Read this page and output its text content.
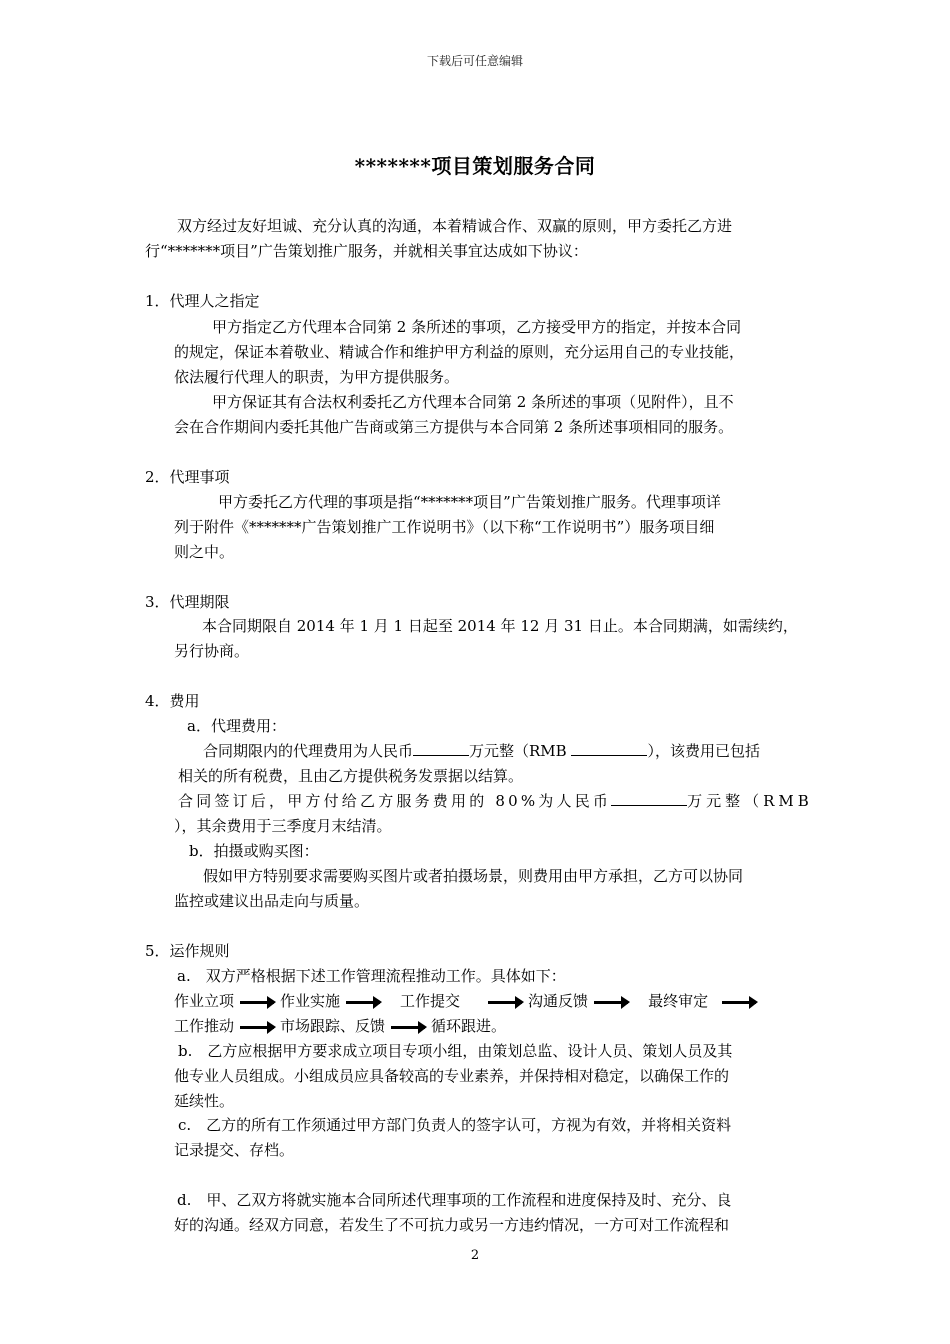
下载后可任意编辑
*******项目策划服务合同
双方经过友好坦诚、充分认真的沟通，本着精诚合作、双赢的原则，甲方委托乙方进
行“*******项目”广告策划推广服务，并就相关事宜达成如下协议：
1．代理人之指定
甲方指定乙方代理本合同第 2 条所述的事项，乙方接受甲方的指定，并按本合同
的规定，保证本着敬业、精诚合作和维护甲方利益的原则，充分运用自己的专业技能，
依法履行代理人的职责，为甲方提供服务。
甲方保证其有合法权利委托乙方代理本合同第 2 条所述的事项（见附件），且不
会在合作期间内委托其他广告商或第三方提供与本合同第 2 条所述事项相同的服务。
2．代理事项
甲方委托乙方代理的事项是指“*******项目”广告策划推广服务。代理事项详
列于附件《*******广告策划推广工作说明书》（以下称“工作说明书”）服务项目细
则之中。
3．代理期限
本合同期限自 2014 年 1 月 1 日起至 2014 年 12 月 31 日止。本合同期满，如需续约，
另行协商。
4．费用
a．代理费用：
合同期限内的代理费用为人民币	万元整（RMB	），该费用已包括
相关的所有税费，且由乙方提供税务发票据以结算。
合同签订后，甲方付给乙方服务费用的 80%为人民币	万元整（RMB
），其余费用于三季度月末结清。
b．拍摄或购买图：
假如甲方特别要求需要购买图片或者拍摄场景，则费用由甲方承担，乙方可以协同
监控或建议出品走向与质量。
5．运作规则
a.　双方严格根据下述工作管理流程推动工作。具体如下：
作业立项	作业实施	工作提交	沟通反馈	最终审定
工作推动	市场跟踪、反馈	循环跟进。
b.　乙方应根据甲方要求成立项目专项小组，由策划总监、设计人员、策划人员及其
他专业人员组成。小组成员应具备较高的专业素养，并保持相对稳定，以确保工作的
延续性。
c.　乙方的所有工作须通过甲方部门负责人的签字认可，方视为有效，并将相关资料
记录提交、存档。
d.　甲、乙双方将就实施本合同所述代理事项的工作流程和进度保持及时、充分、良
好的沟通。经双方同意，若发生了不可抗力或另一方违约情况，一方可对工作流程和
2
